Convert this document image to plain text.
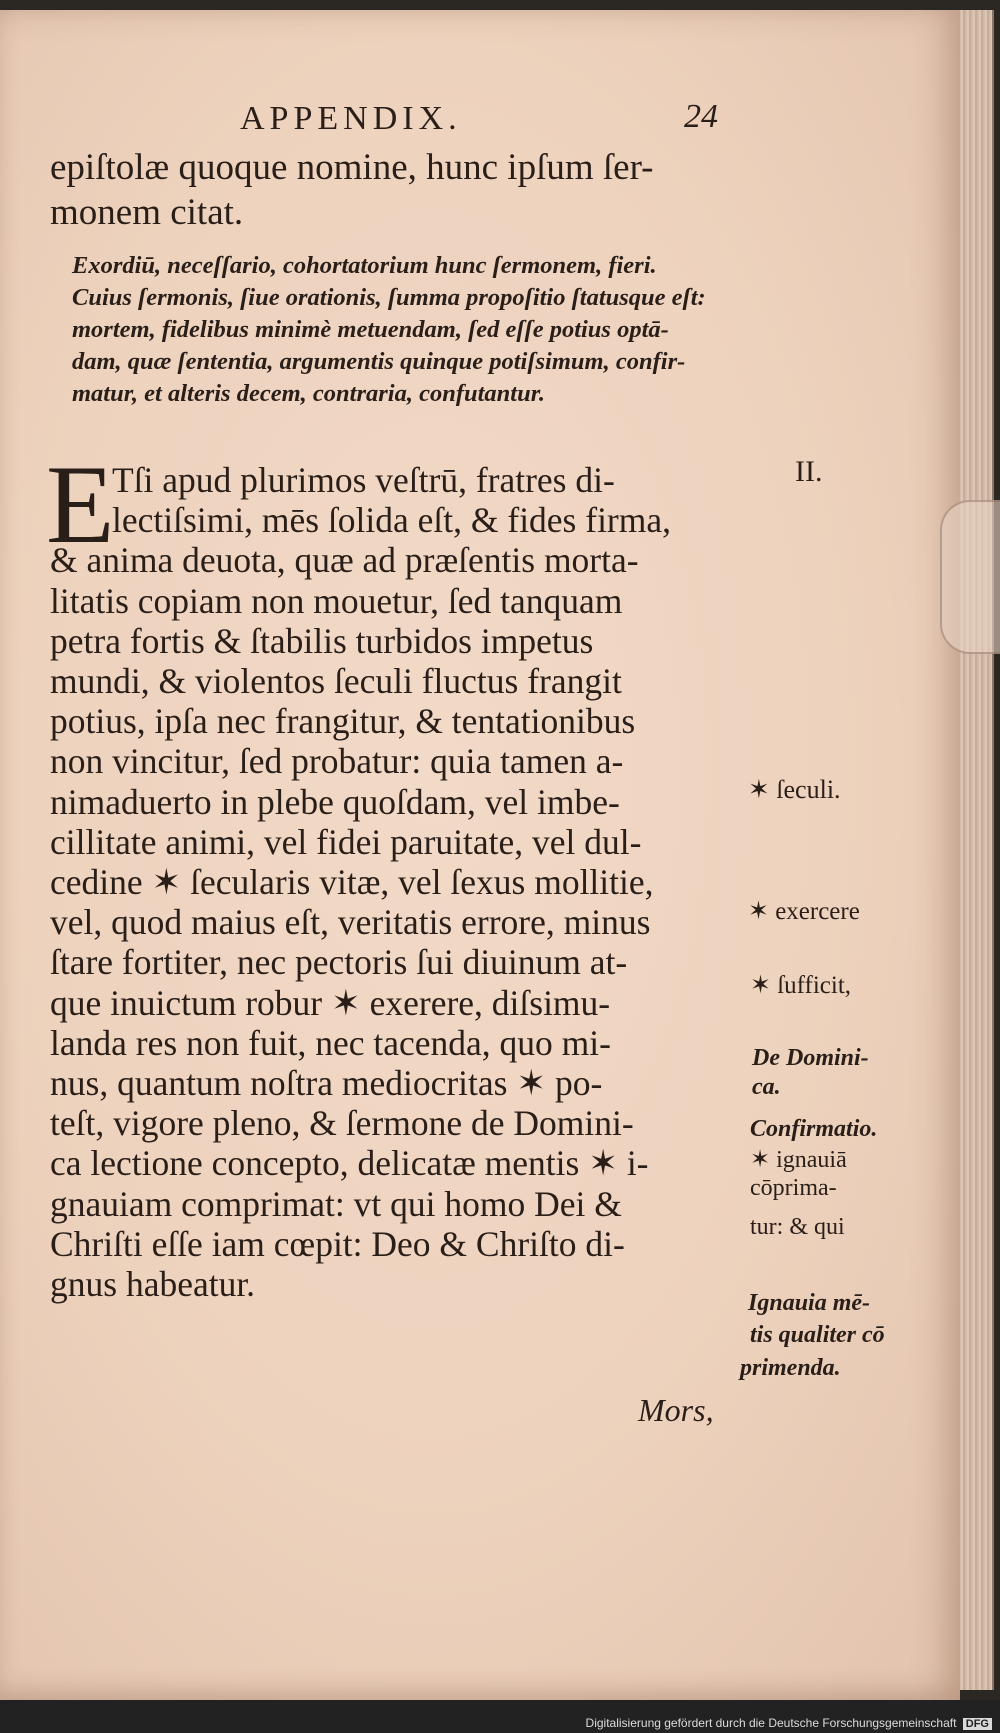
APPENDIX.	24
epiſtolæ quoque nomine, hunc ipſum ſer-
monem citat.
Exordiū, neceſſario, cohortatorium hunc ſermonem, fieri.
Cuius ſermonis, ſiue orationis, ſumma propoſitio ſtatusque eſt:
mortem, fidelibus minimè metuendam, ſed eſſe potius optā-
dam, quæ ſententia, argumentis quinque potiſsimum, confir-
matur, et alteris decem, contraria, confutantur.
E
Tſi apud plurimos veſtrū, fratres di-
lectiſsimi, mēs ſolida eſt, & fides firma,
& anima deuota, quæ ad præſentis morta-
litatis copiam non mouetur, ſed tanquam
petra fortis & ſtabilis turbidos impetus
mundi, & violentos ſeculi fluctus frangit
potius, ipſa nec frangitur, & tentationibus
non vincitur, ſed probatur: quia tamen a-
nimaduerto in plebe quoſdam, vel imbe-
cillitate animi, vel fidei paruitate, vel dul-
cedine ✶ ſecularis vitæ, vel ſexus mollitie,
vel, quod maius eſt, veritatis errore, minus
ſtare fortiter, nec pectoris ſui diuinum at-
que inuictum robur ✶ exerere, diſsimu-
landa res non fuit, nec tacenda, quo mi-
nus, quantum noſtra mediocritas ✶ po-
teſt, vigore pleno, & ſermone de Domini-
ca lectione concepto, delicatæ mentis ✶ i-
gnauiam comprimat: vt qui homo Dei &
Chriſti eſſe iam cœpit: Deo & Chriſto di-
gnus habeatur.
II.
✶ ſeculi.
✶ exercere
✶ ſufficit,
De Domini-
ca.
Confirmatio.
✶ ignauiā
cōprima-
tur: & qui
Ignauia mē-
tis qualiter cō
primenda.
Mors,
Digitalisierung gefördert durch die Deutsche Forschungsgemeinschaft DFG
